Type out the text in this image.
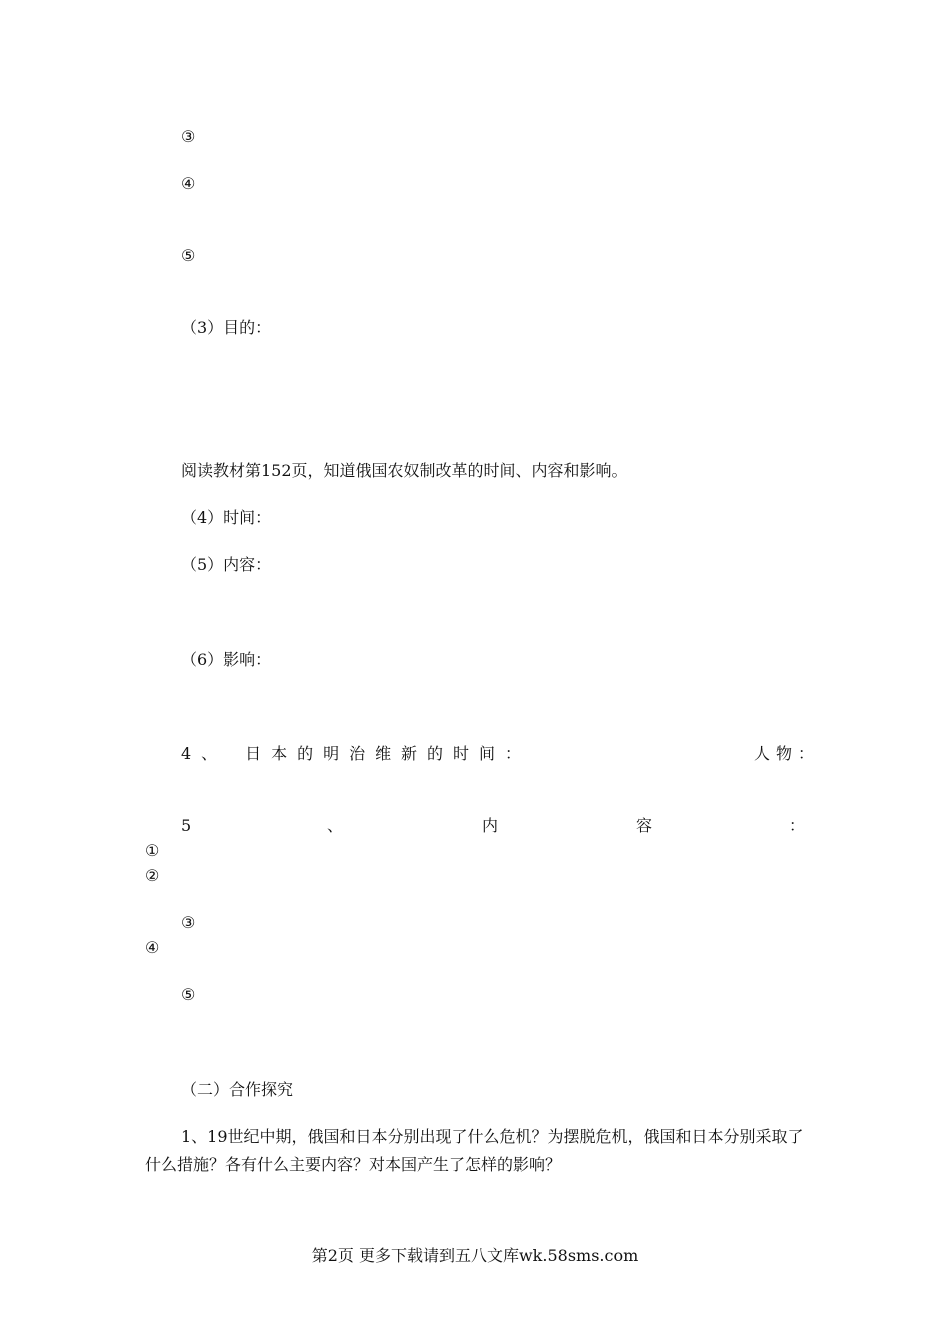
③
④
⑤
（3）目的：
阅读教材第152页，知道俄国农奴制改革的时间、内容和影响。
（4）时间：
（5）内容：
（6）影响：
4 、 日 本 的 明 治 维 新 的 时 间 ：	人 物 ：
5	、	内	容	：
①
②
③
④
⑤
（二）合作探究
1、19世纪中期，俄国和日本分别出现了什么危机？为摆脱危机，俄国和日本分别采取了什么措施？各有什么主要内容？对本国产生了怎样的影响？
第2页 更多下载请到五八文库wk.58sms.com
